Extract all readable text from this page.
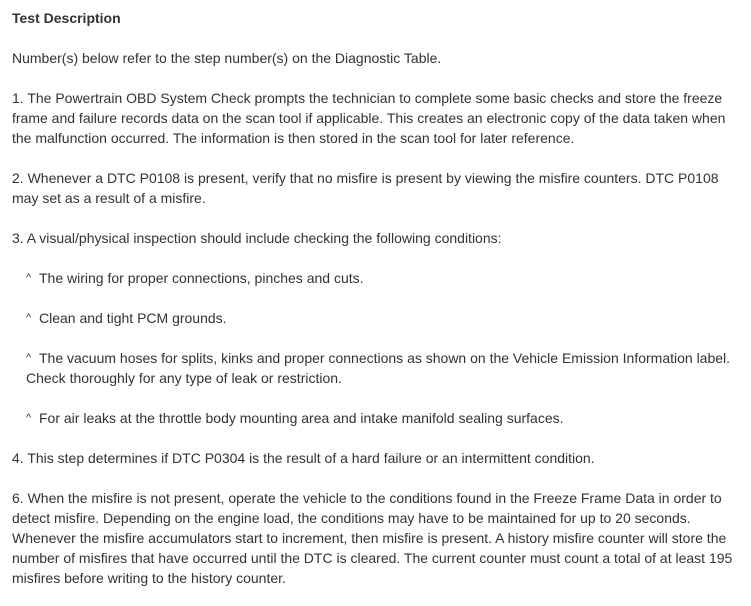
Test Description
Number(s) below refer to the step number(s) on the Diagnostic Table.
1. The Powertrain OBD System Check prompts the technician to complete some basic checks and store the freeze frame and failure records data on the scan tool if applicable. This creates an electronic copy of the data taken when the malfunction occurred. The information is then stored in the scan tool for later reference.
2. Whenever a DTC P0108 is present, verify that no misfire is present by viewing the misfire counters. DTC P0108 may set as a result of a misfire.
3. A visual/physical inspection should include checking the following conditions:
^ The wiring for proper connections, pinches and cuts.
^ Clean and tight PCM grounds.
^ The vacuum hoses for splits, kinks and proper connections as shown on the Vehicle Emission Information label. Check thoroughly for any type of leak or restriction.
^ For air leaks at the throttle body mounting area and intake manifold sealing surfaces.
4. This step determines if DTC P0304 is the result of a hard failure or an intermittent condition.
6. When the misfire is not present, operate the vehicle to the conditions found in the Freeze Frame Data in order to detect misfire. Depending on the engine load, the conditions may have to be maintained for up to 20 seconds. Whenever the misfire accumulators start to increment, then misfire is present. A history misfire counter will store the number of misfires that have occurred until the DTC is cleared. The current counter must count a total of at least 195 misfires before writing to the history counter.
